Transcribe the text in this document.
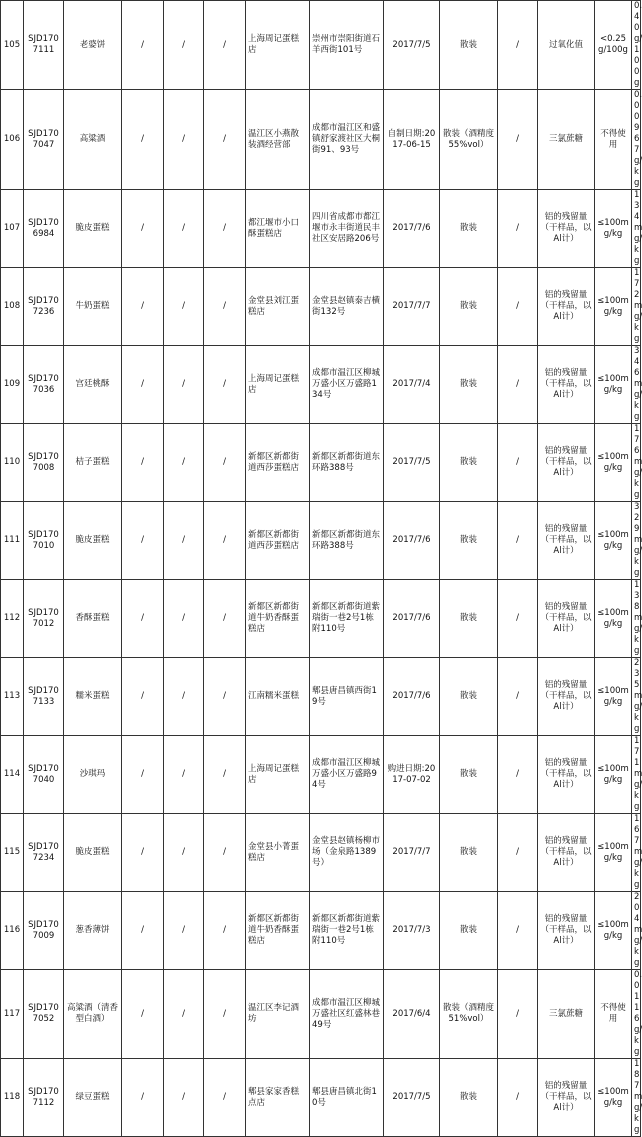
105	SJD1707111	老婆饼	/	/	/	上海周记蛋糕店	崇州市崇阳街道石羊西街101号	2017/7/5	散装	/	过氧化值	<0.25g/100g	0.40g/100g
106	SJD1707047	高粱酒	/	/	/	温江区小燕散装酒经营部	成都市温江区和盛镇舒家渡社区大桐街91、93号	自制日期:2017-06-15	散装（酒精度55%vol）	/	三氯蔗糖	不得使用	0.00967g/kg
107	SJD1706984	脆皮蛋糕	/	/	/	都江堰市小口酥蛋糕店	四川省成都市都江堰市永丰街道民丰社区安居路206号	2017/7/6	散装	/	铝的残留量（干样品，以Al计）	≤100mg/kg	134mg/kg
108	SJD1707236	牛奶蛋糕	/	/	/	金堂县刘江蛋糕店	金堂县赵镇泰吉横街132号	2017/7/7	散装	/	铝的残留量（干样品，以Al计）	≤100mg/kg	172mg/kg
109	SJD1707036	宫廷桃酥	/	/	/	上海周记蛋糕店	成都市温江区柳城万盛小区万盛路134号	2017/7/4	散装	/	铝的残留量（干样品，以Al计）	≤100mg/kg	346mg/kg
110	SJD1707008	桔子蛋糕	/	/	/	新都区新都街道西莎蛋糕店	新都区新都街道东环路388号	2017/7/5	散装	/	铝的残留量（干样品，以Al计）	≤100mg/kg	176mg/kg
111	SJD1707010	脆皮蛋糕	/	/	/	新都区新都街道西莎蛋糕店	新都区新都街道东环路388号	2017/7/6	散装	/	铝的残留量（干样品，以Al计）	≤100mg/kg	329mg/kg
112	SJD1707012	香酥蛋糕	/	/	/	新都区新都街道牛奶香酥蛋糕店	新都区新都街道紫瑞街一巷2号1栋附110号	2017/7/6	散装	/	铝的残留量（干样品，以Al计）	≤100mg/kg	138mg/kg
113	SJD1707133	糯米蛋糕	/	/	/	江南糯米蛋糕	郫县唐昌镇西街19号	2017/7/6	散装	/	铝的残留量（干样品，以Al计）	≤100mg/kg	235mg/kg
114	SJD1707040	沙琪玛	/	/	/	上海周记蛋糕店	成都市温江区柳城万盛小区万盛路94号	购进日期:2017-07-02	散装	/	铝的残留量（干样品，以Al计）	≤100mg/kg	171mg/kg
115	SJD1707234	脆皮蛋糕	/	/	/	金堂县小菁蛋糕店	金堂县赵镇杨柳市场（金泉路1389号）	2017/7/7	散装	/	铝的残留量（干样品，以Al计）	≤100mg/kg	167mg/kg
116	SJD1707009	葱香薄饼	/	/	/	新都区新都街道牛奶香酥蛋糕店	新都区新都街道紫瑞街一巷2号1栋附110号	2017/7/3	散装	/	铝的残留量（干样品，以Al计）	≤100mg/kg	204mg/kg
117	SJD1707052	高粱酒（清香型白酒）	/	/	/	温江区李记酒坊	成都市温江区柳城万盛社区红盛林巷49号	2017/6/4	散装（酒精度51%vol）	/	三氯蔗糖	不得使用	0.0116g/kg
118	SJD1707112	绿豆蛋糕	/	/	/	郫县家家香糕点店	郫县唐昌镇北街10号	2017/7/5	散装	/	铝的残留量（干样品，以Al计）	≤100mg/kg	187mg/kg
